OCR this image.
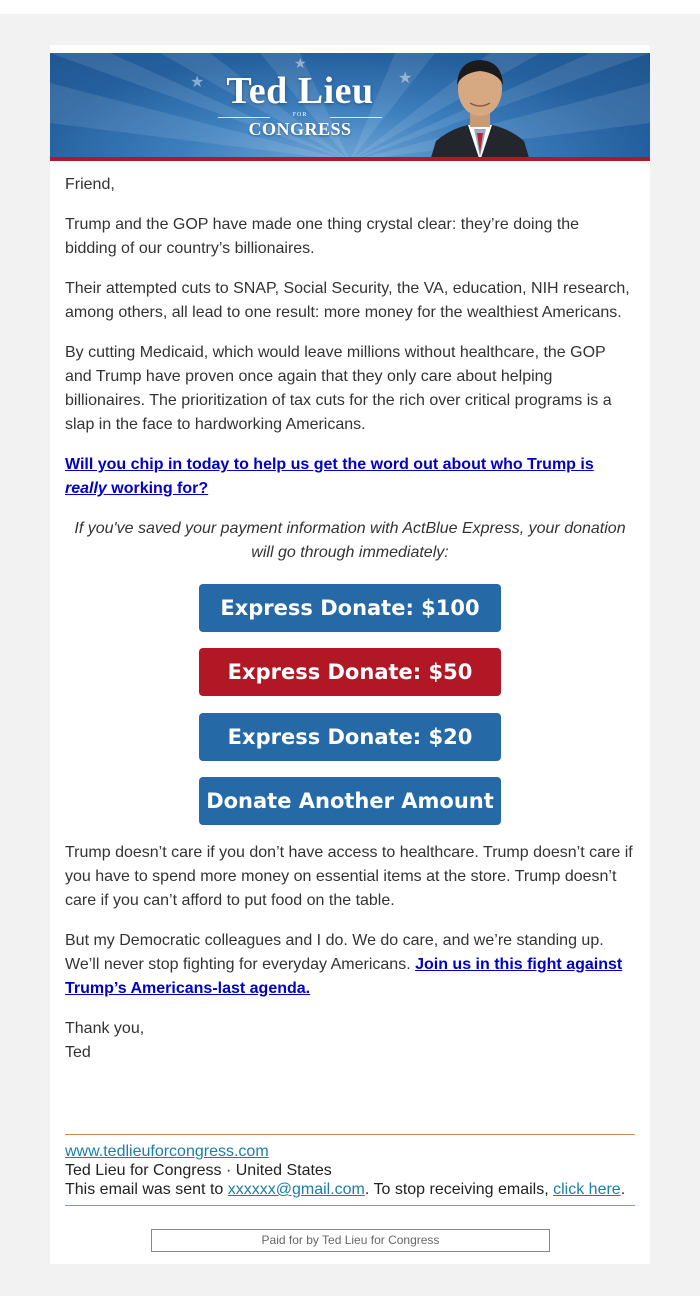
★
★
★
Ted Lieu
FOR
CONGRESS

Friend,

Trump and the GOP have made one thing crystal clear: they’re doing the bidding of our country’s billionaires.

Their attempted cuts to SNAP, Social Security, the VA, education, NIH research, among others, all lead to one result: more money for the wealthiest Americans.

By cutting Medicaid, which would leave millions without healthcare, the GOP and Trump have proven once again that they only care about helping billionaires. The prioritization of tax cuts for the rich over critical programs is a slap in the face to hardworking Americans.

Will you chip in today to help us get the word out about who Trump is really working for?

If you've saved your payment information with ActBlue Express, your donation will go through immediately:

Express Donate: $100
Express Donate: $50
Express Donate: $20
Donate Another Amount

Trump doesn’t care if you don’t have access to healthcare. Trump doesn’t care if you have to spend more money on essential items at the store. Trump doesn’t care if you can’t afford to put food on the table.

But my Democratic colleagues and I do. We do care, and we’re standing up. We’ll never stop fighting for everyday Americans. Join us in this fight against Trump’s Americans-last agenda.

Thank you,

Ted

www.tedlieuforcongress.com
Ted Lieu for Congress · United States
This email was sent to xxxxxx@gmail.com. To stop receiving emails, click here.
Paid for by Ted Lieu for Congress
